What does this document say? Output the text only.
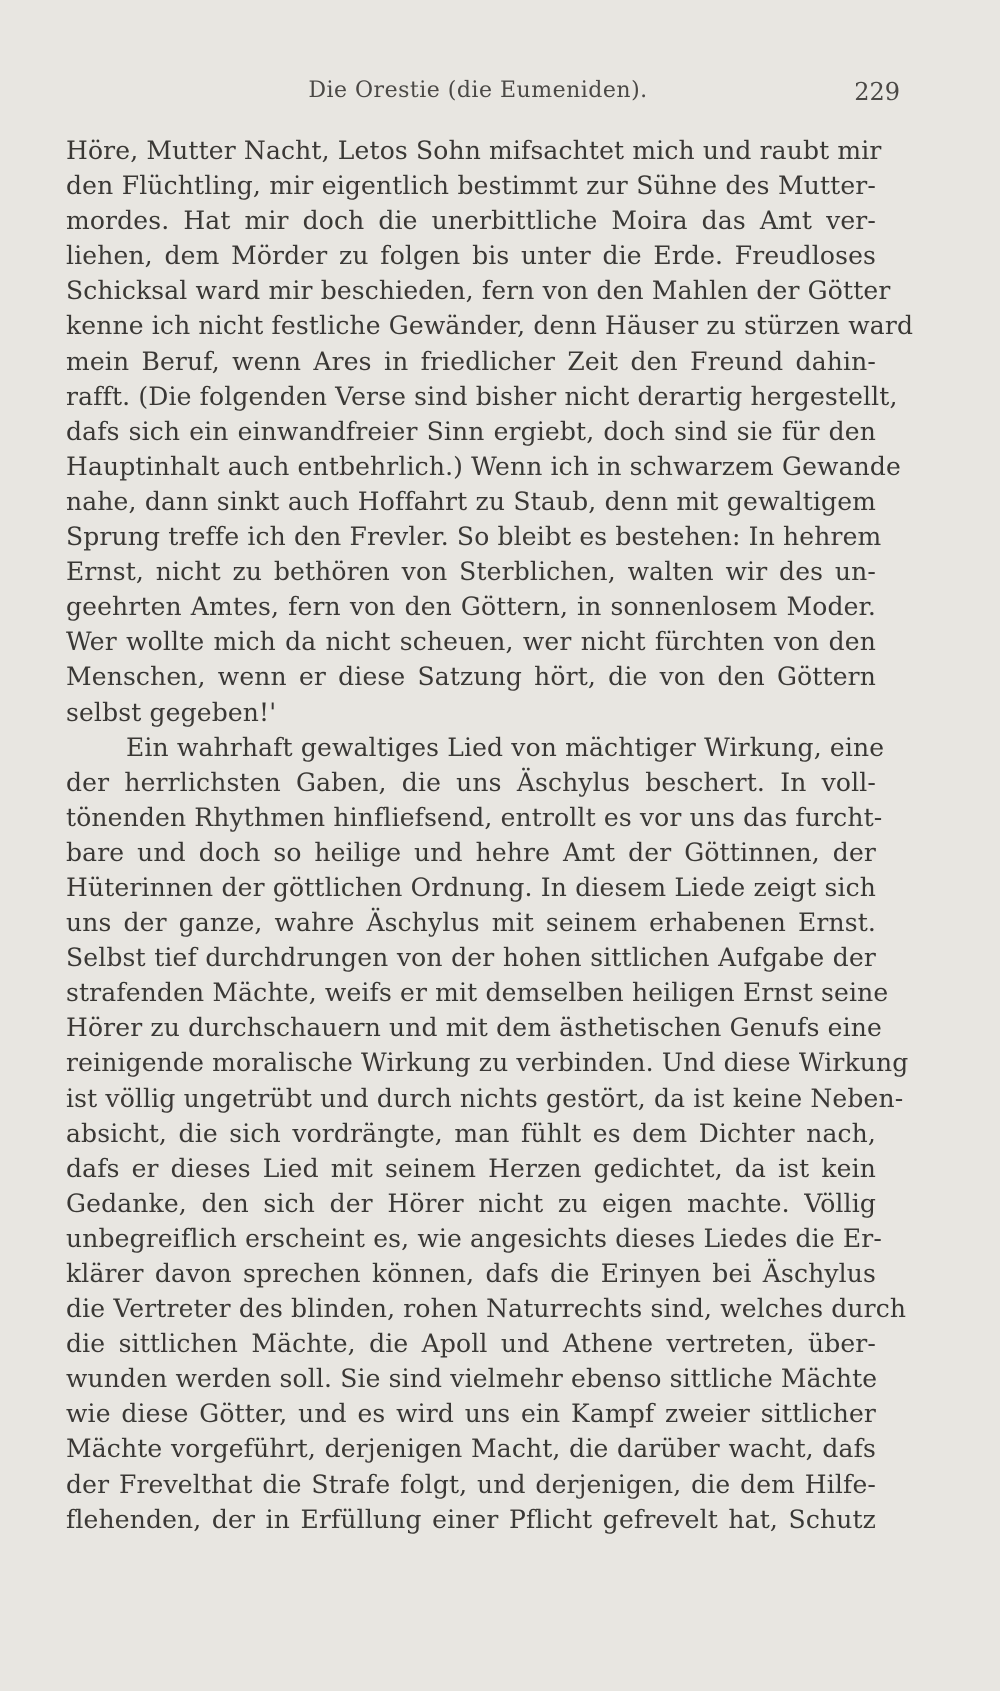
Die Orestie (die Eumeniden).	229
Höre, Mutter Nacht, Letos Sohn mifsachtet mich und raubt mir
den Flüchtling, mir eigentlich bestimmt zur Sühne des Mutter-
mordes. Hat mir doch die unerbittliche Moira das Amt ver-
liehen, dem Mörder zu folgen bis unter die Erde. Freudloses
Schicksal ward mir beschieden, fern von den Mahlen der Götter
kenne ich nicht festliche Gewänder, denn Häuser zu stürzen ward
mein Beruf, wenn Ares in friedlicher Zeit den Freund dahin-
rafft. (Die folgenden Verse sind bisher nicht derartig hergestellt,
dafs sich ein einwandfreier Sinn ergiebt, doch sind sie für den
Hauptinhalt auch entbehrlich.) Wenn ich in schwarzem Gewande
nahe, dann sinkt auch Hoffahrt zu Staub, denn mit gewaltigem
Sprung treffe ich den Frevler. So bleibt es bestehen: In hehrem
Ernst, nicht zu bethören von Sterblichen, walten wir des un-
geehrten Amtes, fern von den Göttern, in sonnenlosem Moder.
Wer wollte mich da nicht scheuen, wer nicht fürchten von den
Menschen, wenn er diese Satzung hört, die von den Göttern
selbst gegeben!'
Ein wahrhaft gewaltiges Lied von mächtiger Wirkung, eine
der herrlichsten Gaben, die uns Äschylus beschert. In voll-
tönenden Rhythmen hinfliefsend, entrollt es vor uns das furcht-
bare und doch so heilige und hehre Amt der Göttinnen, der
Hüterinnen der göttlichen Ordnung. In diesem Liede zeigt sich
uns der ganze, wahre Äschylus mit seinem erhabenen Ernst.
Selbst tief durchdrungen von der hohen sittlichen Aufgabe der
strafenden Mächte, weifs er mit demselben heiligen Ernst seine
Hörer zu durchschauern und mit dem ästhetischen Genufs eine
reinigende moralische Wirkung zu verbinden. Und diese Wirkung
ist völlig ungetrübt und durch nichts gestört, da ist keine Neben-
absicht, die sich vordrängte, man fühlt es dem Dichter nach,
dafs er dieses Lied mit seinem Herzen gedichtet, da ist kein
Gedanke, den sich der Hörer nicht zu eigen machte. Völlig
unbegreiflich erscheint es, wie angesichts dieses Liedes die Er-
klärer davon sprechen können, dafs die Erinyen bei Äschylus
die Vertreter des blinden, rohen Naturrechts sind, welches durch
die sittlichen Mächte, die Apoll und Athene vertreten, über-
wunden werden soll. Sie sind vielmehr ebenso sittliche Mächte
wie diese Götter, und es wird uns ein Kampf zweier sittlicher
Mächte vorgeführt, derjenigen Macht, die darüber wacht, dafs
der Frevelthat die Strafe folgt, und derjenigen, die dem Hilfe-
flehenden, der in Erfüllung einer Pflicht gefrevelt hat, Schutz
